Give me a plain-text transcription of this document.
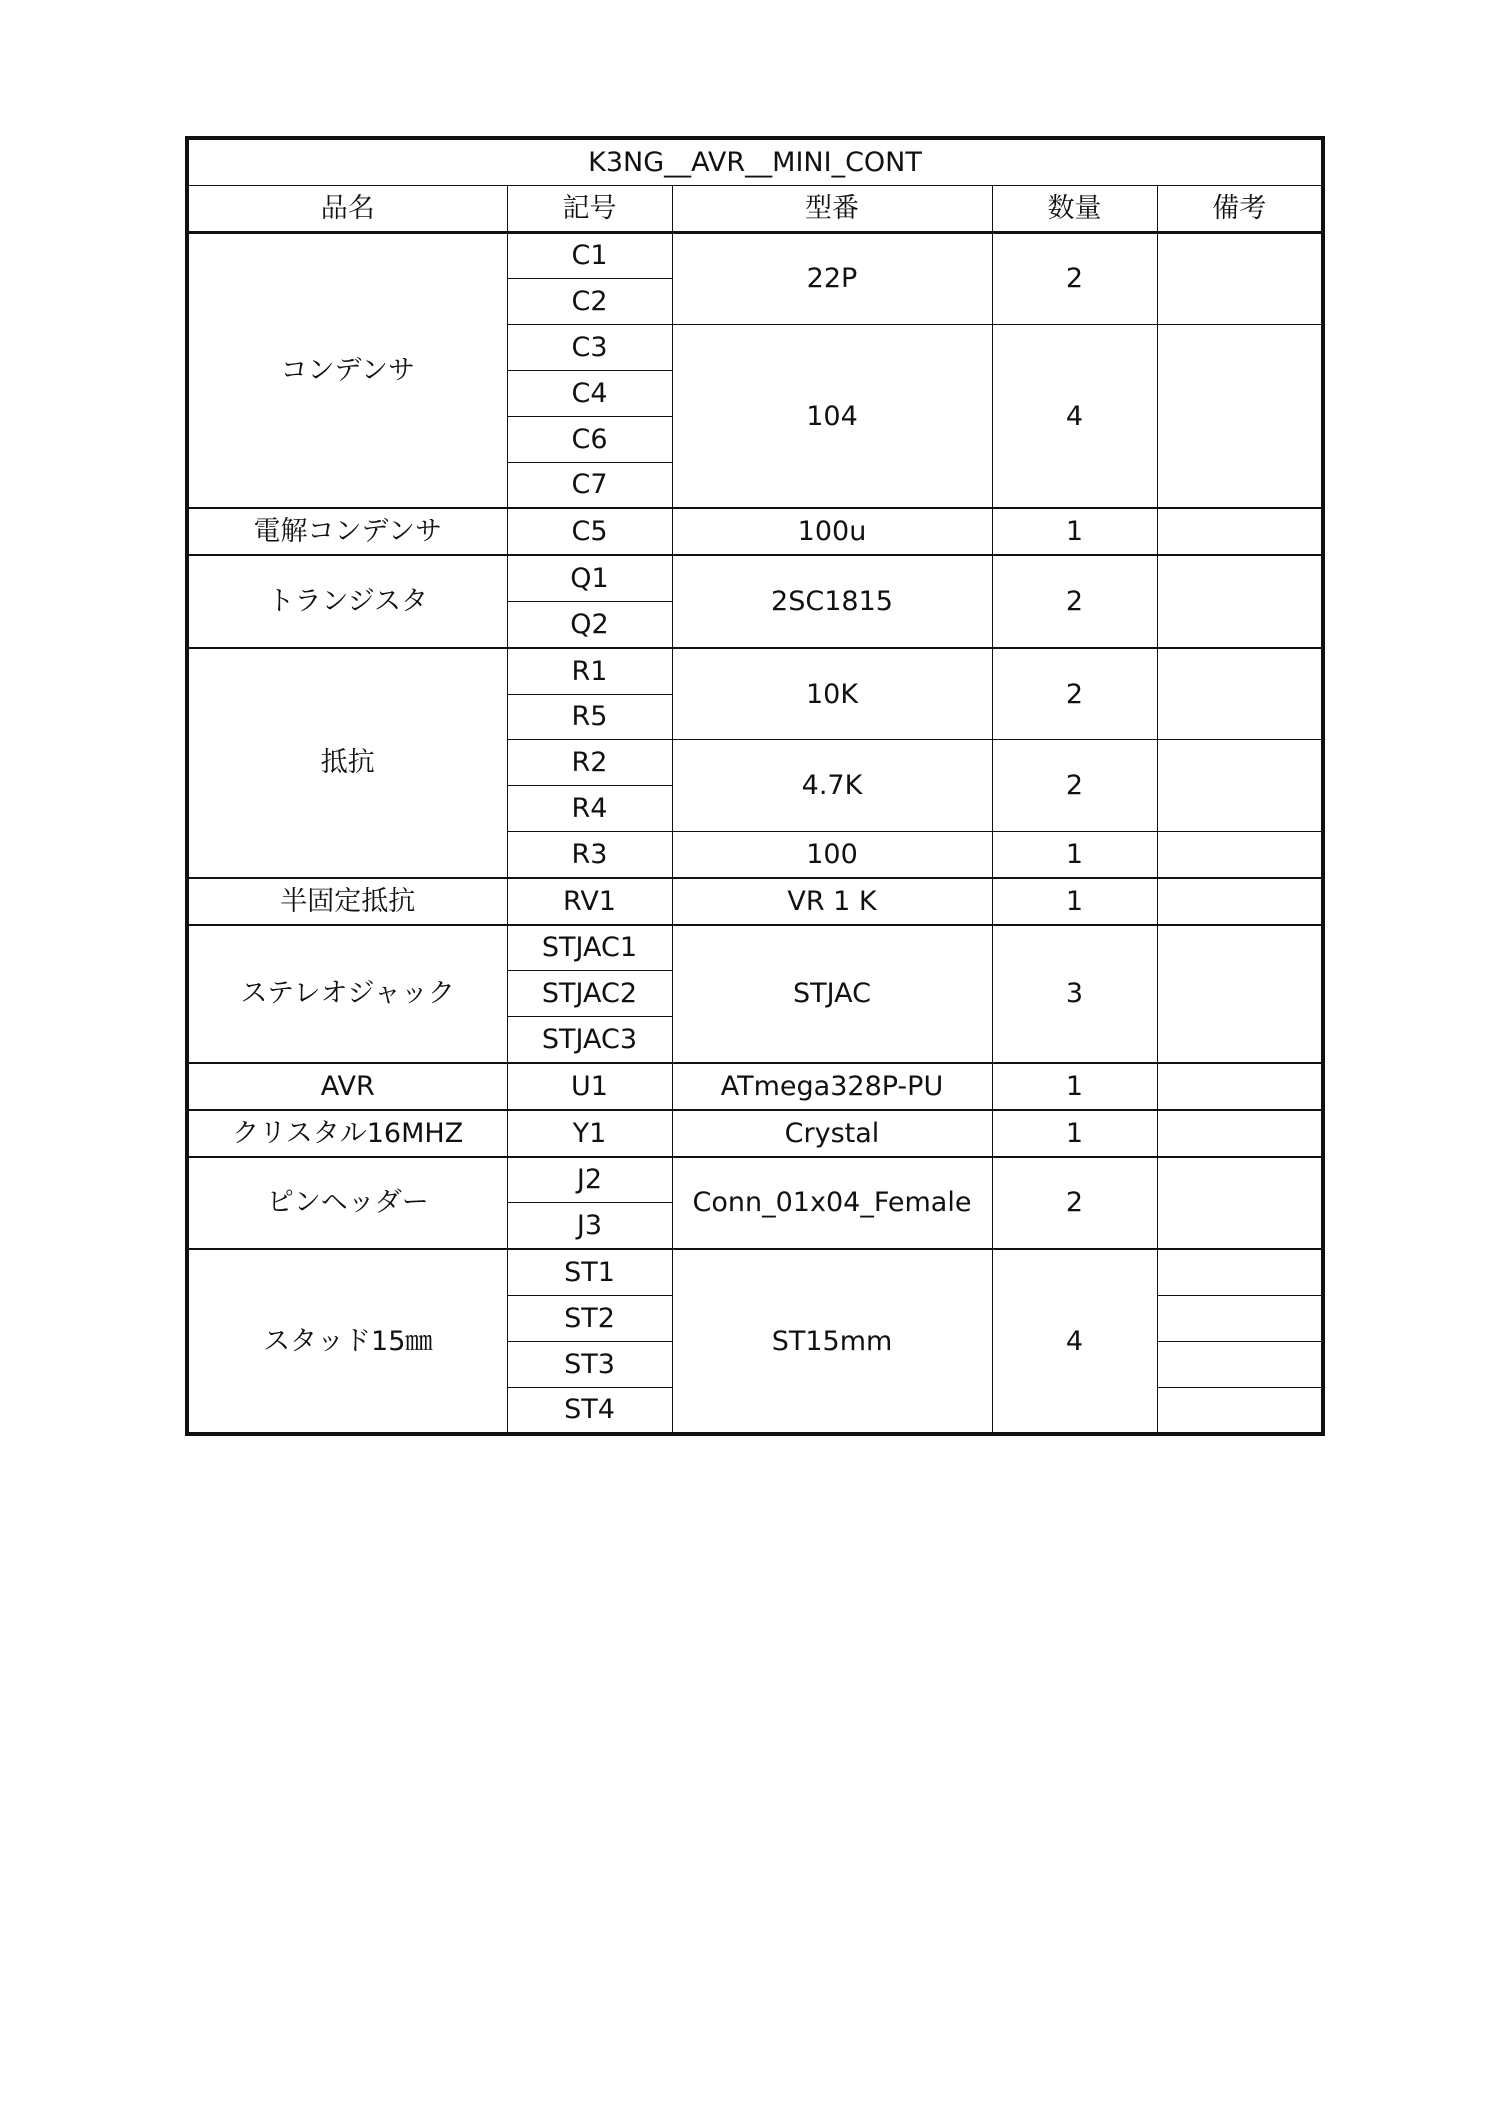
K3NG__AVR__MINI_CONT				
品名	記号	型番	数量	備考
コンデンサ	C1	22P	2	
	C2			
	C3	104	4	
	C4			
	C6			
	C7			
電解コンデンサ	C5	100u	1	
トランジスタ	Q1	2SC1815	2	
	Q2			
抵抗	R1	10K	2	
	R5			
	R2	4.7K	2	
	R4			
	R3	100	1	
半固定抵抗	RV1	VR 1 K	1	
ステレオジャック	STJAC1	STJAC	3	
	STJAC2			
	STJAC3			
AVR	U1	ATmega328P-PU	1	
クリスタル16MHZ	Y1	Crystal	1	
ピンヘッダー	J2	Conn_01x04_Female	2	
	J3			
スタッド15㎜	ST1	ST15mm	4	
	ST2			
	ST3			
	ST4			
